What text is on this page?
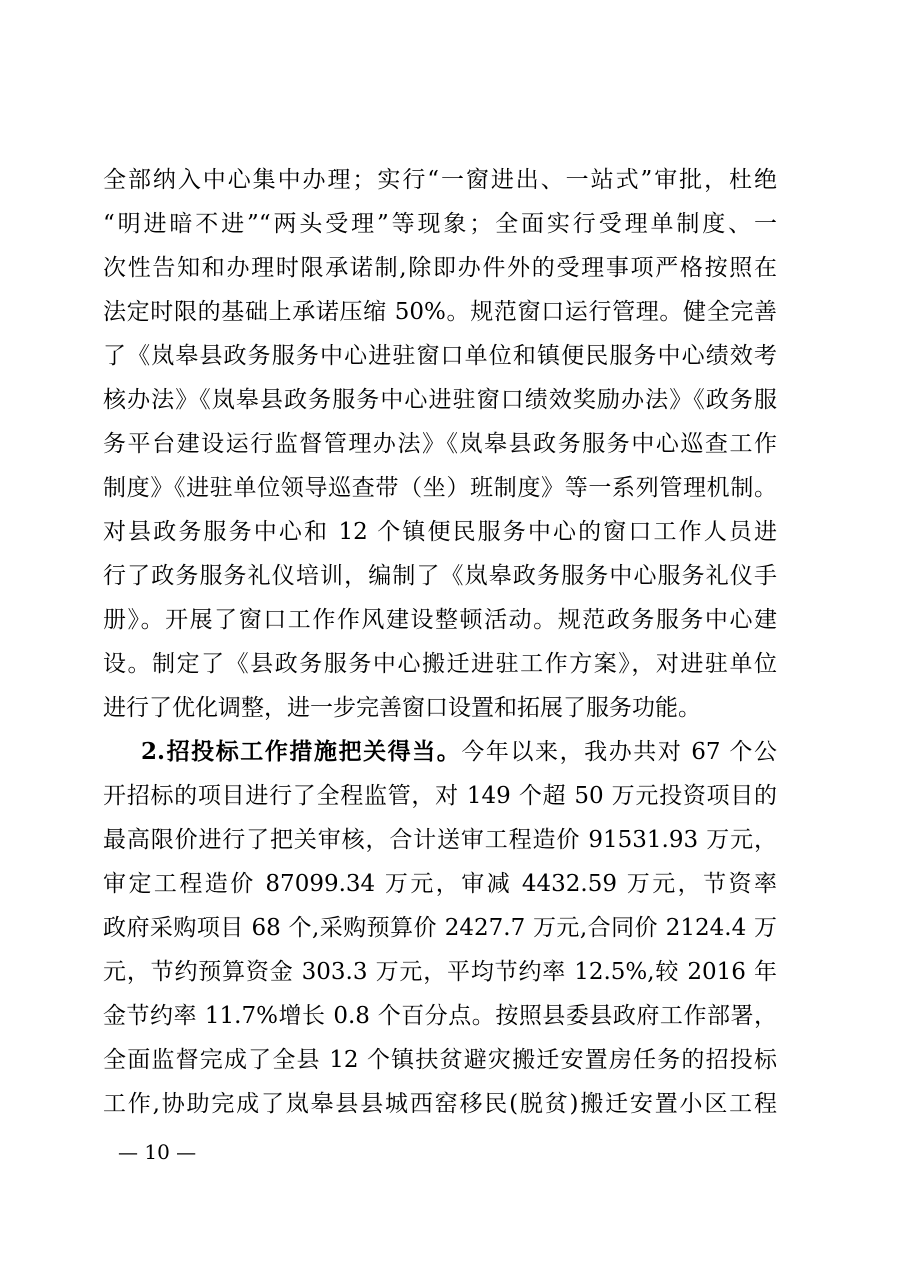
全部纳入中心集中办理；实行“一窗进出、一站式”审批，杜绝
“明进暗不进”“两头受理”等现象；全面实行受理单制度、一
次性告知和办理时限承诺制,除即办件外的受理事项严格按照在
法定时限的基础上承诺压缩 50%。规范窗口运行管理。健全完善
了《岚皋县政务服务中心进驻窗口单位和镇便民服务中心绩效考
核办法》《岚皋县政务服务中心进驻窗口绩效奖励办法》《政务服
务平台建设运行监督管理办法》《岚皋县政务服务中心巡查工作
制度》《进驻单位领导巡查带（坐）班制度》等一系列管理机制。
对县政务服务中心和 12 个镇便民服务中心的窗口工作人员进
行了政务服务礼仪培训，编制了《岚皋政务服务中心服务礼仪手
册》。开展了窗口工作作风建设整顿活动。规范政务服务中心建
设。制定了《县政务服务中心搬迁进驻工作方案》，对进驻单位
进行了优化调整，进一步完善窗口设置和拓展了服务功能。
2.招投标工作措施把关得当。今年以来，我办共对 67 个公
开招标的项目进行了全程监管，对 149 个超 50 万元投资项目的
最高限价进行了把关审核，合计送审工程造价 91531.93 万元，
审定工程造价 87099.34 万元，审减 4432.59 万元，节资率
政府采购项目 68 个,采购预算价 2427.7 万元,合同价 2124.4 万
元，节约预算资金 303.3 万元，平均节约率 12.5%,较 2016 年
金节约率 11.7%增长 0.8 个百分点。按照县委县政府工作部署，
全面监督完成了全县 12 个镇扶贫避灾搬迁安置房任务的招投标
工作,协助完成了岚皋县县城西窑移民(脱贫)搬迁安置小区工程
— 10 —
